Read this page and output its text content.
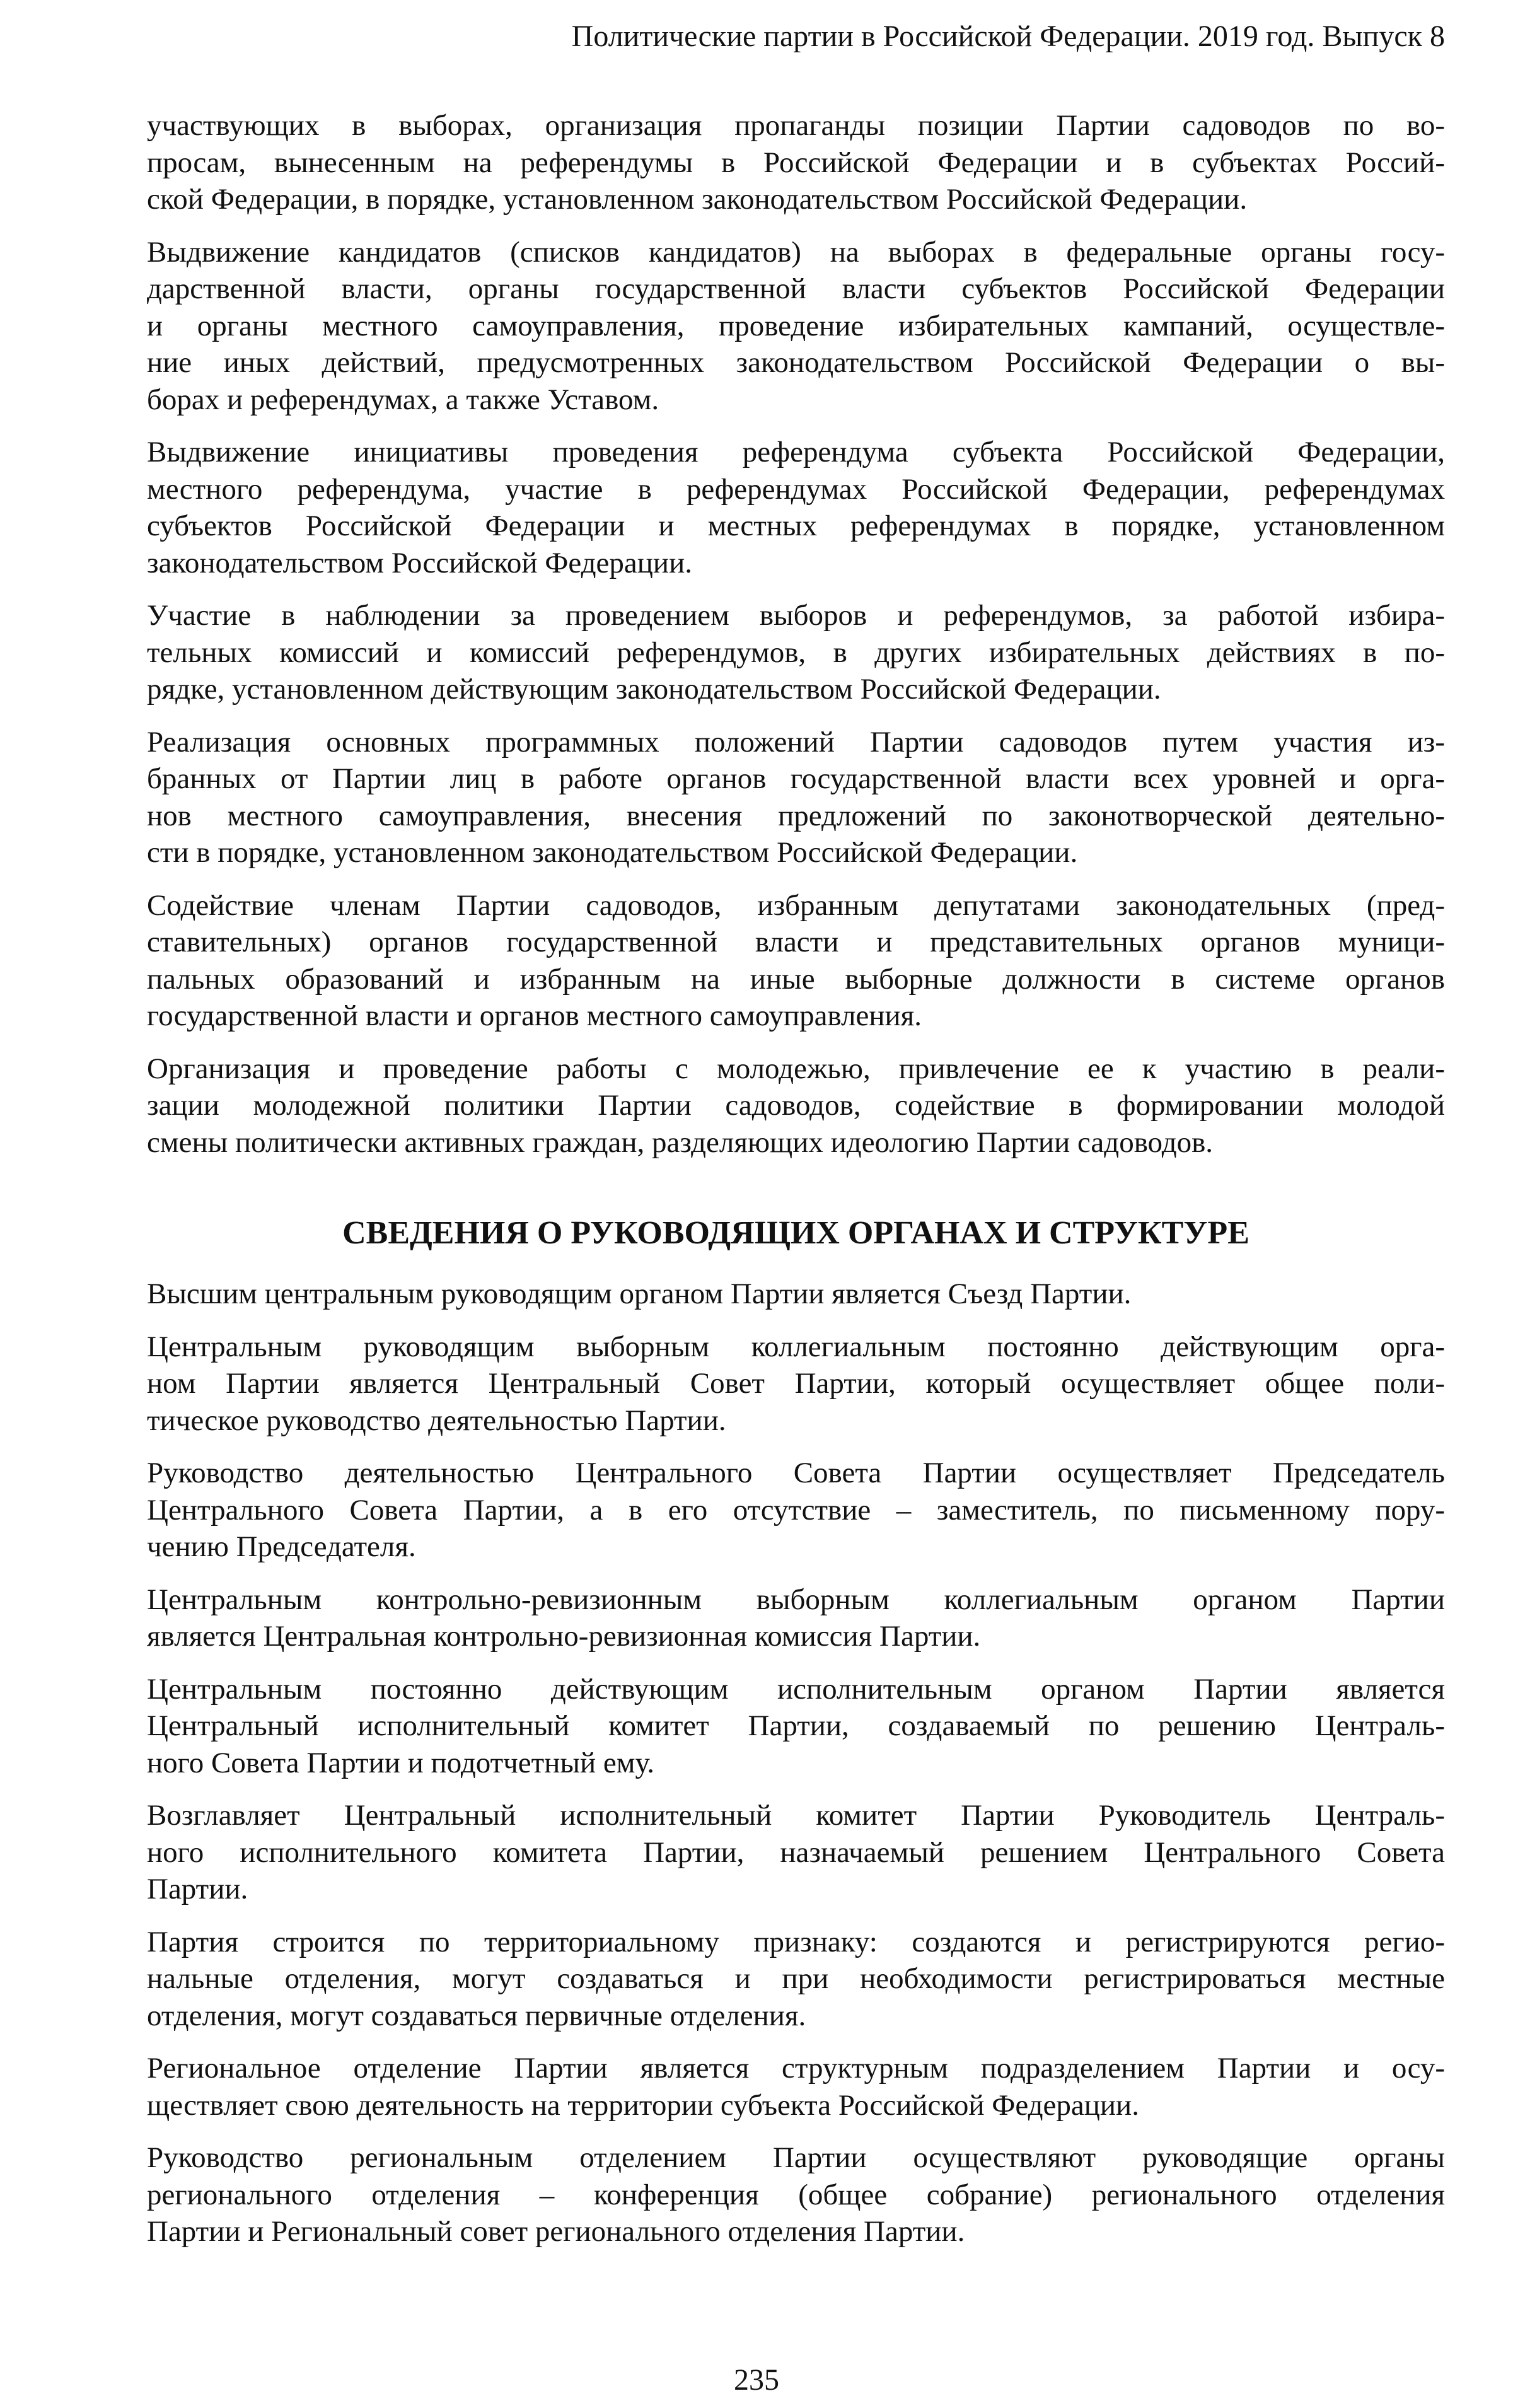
Политические партии в Российской Федерации. 2019 год. Выпуск 8
участвующих в выборах, организация пропаганды позиции Партии садоводов по во-
просам, вынесенным на референдумы в Российской Федерации и в субъектах Россий-
ской Федерации, в порядке, установленном законодательством Российской Федерации.
Выдвижение кандидатов (списков кандидатов) на выборах в федеральные органы госу-
дарственной власти, органы государственной власти субъектов Российской Федерации
и органы местного самоуправления, проведение избирательных кампаний, осуществле-
ние иных действий, предусмотренных законодательством Российской Федерации о вы-
борах и референдумах, а также Уставом.
Выдвижение инициативы проведения референдума субъекта Российской Федерации,
местного референдума, участие в референдумах Российской Федерации, референдумах
субъектов Российской Федерации и местных референдумах в порядке, установленном
законодательством Российской Федерации.
Участие в наблюдении за проведением выборов и референдумов, за работой избира-
тельных комиссий и комиссий референдумов, в других избирательных действиях в по-
рядке, установленном действующим законодательством Российской Федерации.
Реализация основных программных положений Партии садоводов путем участия из-
бранных от Партии лиц в работе органов государственной власти всех уровней и орга-
нов местного самоуправления, внесения предложений по законотворческой деятельно-
сти в порядке, установленном законодательством Российской Федерации.
Содействие членам Партии садоводов, избранным депутатами законодательных (пред-
ставительных) органов государственной власти и представительных органов муници-
пальных образований и избранным на иные выборные должности в системе органов
государственной власти и органов местного самоуправления.
Организация и проведение работы с молодежью, привлечение ее к участию в реали-
зации молодежной политики Партии садоводов, содействие в формировании молодой
смены политически активных граждан, разделяющих идеологию Партии садоводов.
СВЕДЕНИЯ О РУКОВОДЯЩИХ ОРГАНАХ И СТРУКТУРЕ
Высшим центральным руководящим органом Партии является Съезд Партии.
Центральным руководящим выборным коллегиальным постоянно действующим орга-
ном Партии является Центральный Совет Партии, который осуществляет общее поли-
тическое руководство деятельностью Партии.
Руководство деятельностью Центрального Совета Партии осуществляет Председатель
Центрального Совета Партии, а в его отсутствие – заместитель, по письменному пору-
чению Председателя.
Центральным контрольно-ревизионным выборным коллегиальным органом Партии
является Центральная контрольно-ревизионная комиссия Партии.
Центральным постоянно действующим исполнительным органом Партии является
Центральный исполнительный комитет Партии, создаваемый по решению Централь-
ного Совета Партии и подотчетный ему.
Возглавляет Центральный исполнительный комитет Партии Руководитель Централь-
ного исполнительного комитета Партии, назначаемый решением Центрального Совета
Партии.
Партия строится по территориальному признаку: создаются и регистрируются регио-
нальные отделения, могут создаваться и при необходимости регистрироваться местные
отделения, могут создаваться первичные отделения.
Региональное отделение Партии является структурным подразделением Партии и осу-
ществляет свою деятельность на территории субъекта Российской Федерации.
Руководство региональным отделением Партии осуществляют руководящие органы
регионального отделения – конференция (общее собрание) регионального отделения
Партии и Региональный совет регионального отделения Партии.
235
